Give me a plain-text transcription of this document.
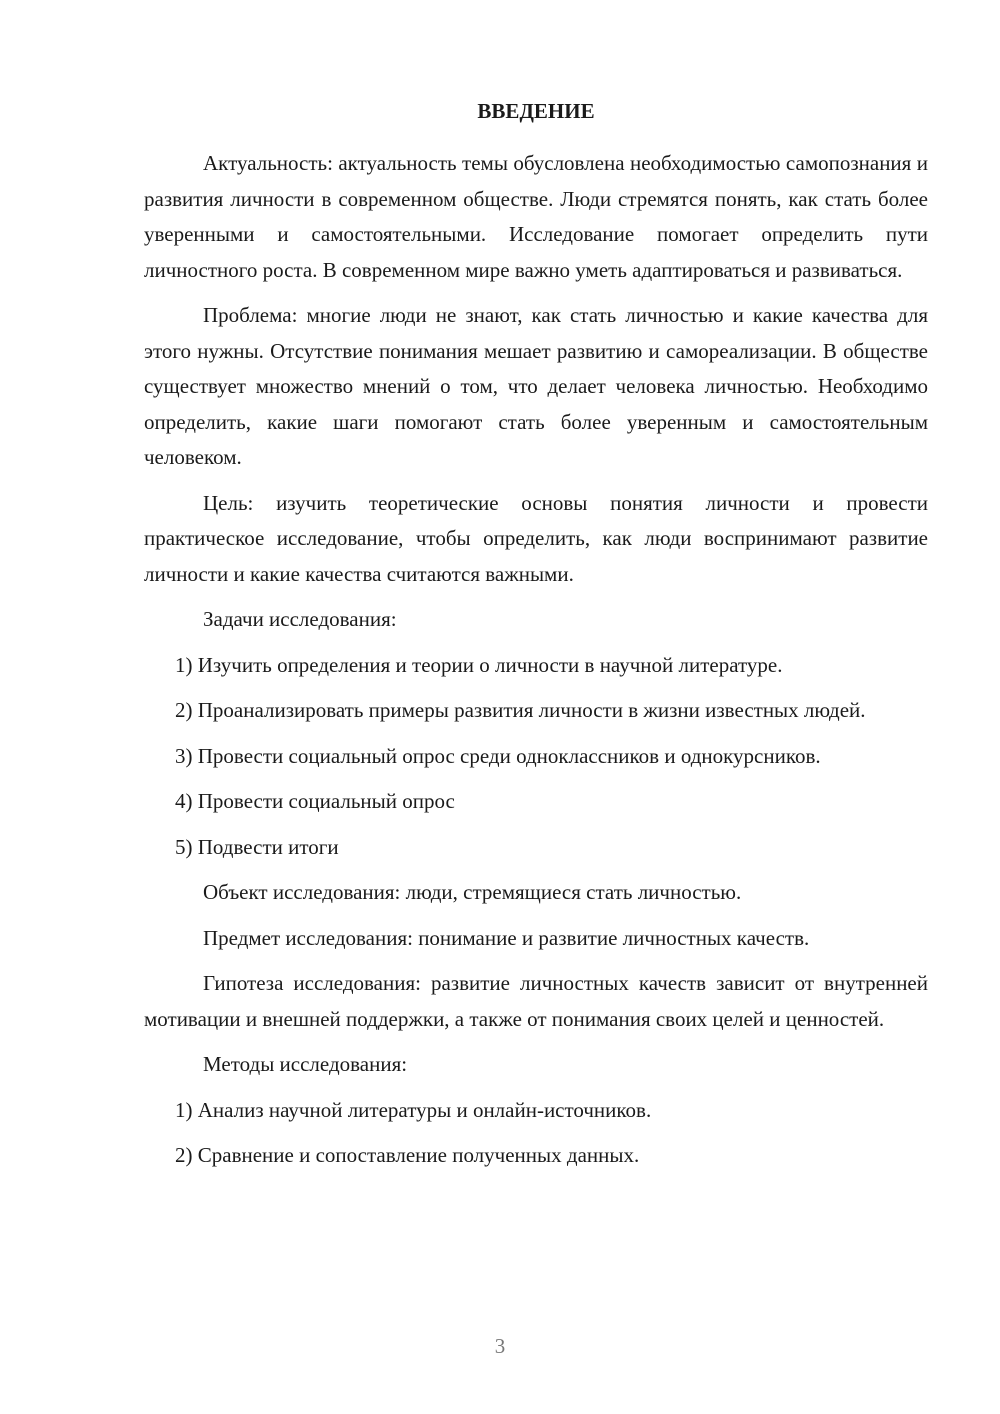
ВВЕДЕНИЕ

Актуальность: актуальность темы обусловлена необходимостью самопознания и развития личности в современном обществе. Люди стремятся понять, как стать более уверенными и самостоятельными. Исследование помогает определить пути личностного роста. В современном мире важно уметь адаптироваться и развиваться.

Проблема: многие люди не знают, как стать личностью и какие качества для этого нужны. Отсутствие понимания мешает развитию и самореализации. В обществе существует множество мнений о том, что делает человека личностью. Необходимо определить, какие шаги помогают стать более уверенным и самостоятельным человеком.

Цель: изучить теоретические основы понятия личности и провести практическое исследование, чтобы определить, как люди воспринимают развитие личности и какие качества считаются важными.

Задачи исследования:

1) Изучить определения и теории о личности в научной литературе.

2) Проанализировать примеры развития личности в жизни известных людей.

3) Провести социальный опрос среди одноклассников и однокурсников.

4) Провести социальный опрос

5) Подвести итоги

Объект исследования: люди, стремящиеся стать личностью.

Предмет исследования: понимание и развитие личностных качеств.

Гипотеза исследования: развитие личностных качеств зависит от внутренней мотивации и внешней поддержки, а также от понимания своих целей и ценностей.

Методы исследования:

1) Анализ научной литературы и онлайн-источников.

2) Сравнение и сопоставление полученных данных.

3
